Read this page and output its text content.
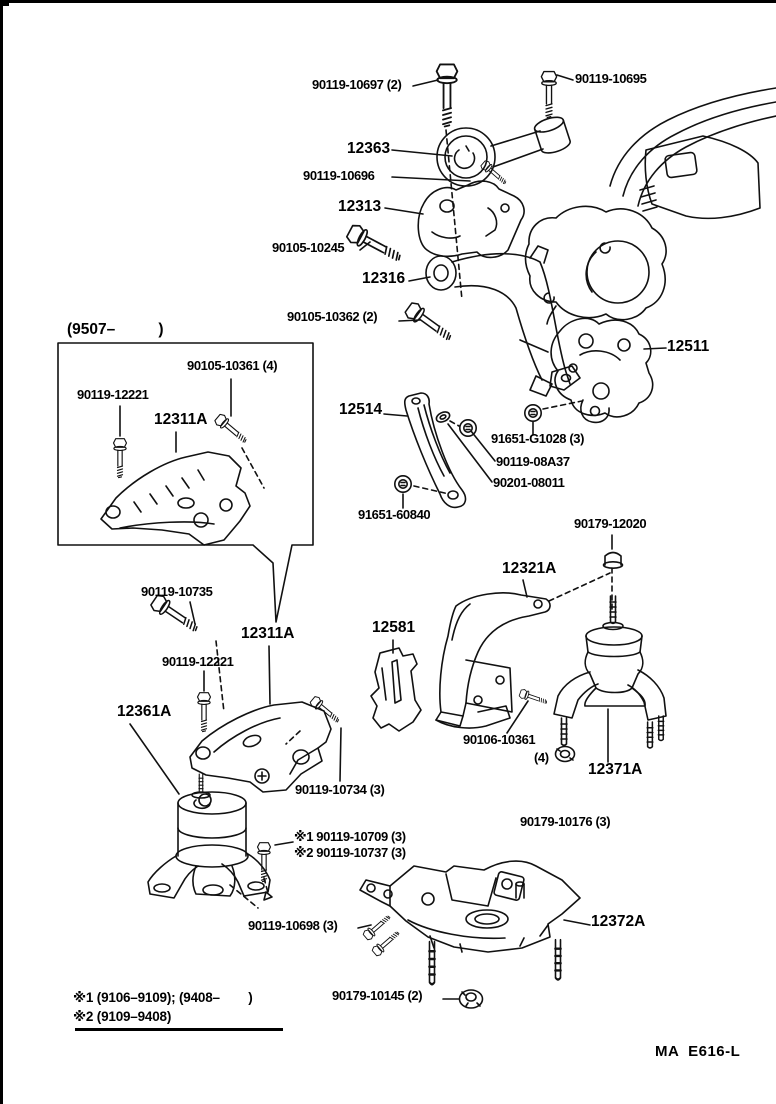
90119-10697 (2)	90119-10695
12363
90119-10696
12313
90105-10245
12316
90105-10362 (2)
12511
(9507–          )
90105-10361 (4)
90119-12221
12311A
12514
91651-G1028 (3)
90119-08A37
90201-08011
91651-60840
90179-12020
12321A
90119-10735
12311A	12581
90119-12221
12361A
90106-10361
(4)
12371A
90119-10734 (3)
90179-10176 (3)
※1 90119-10709 (3)
※2 90119-10737 (3)
90119-10698 (3)	12372A
90179-10145 (2)
※1 (9106–9109); (9408–        )
※2 (9109–9408)
MA  E616-L
